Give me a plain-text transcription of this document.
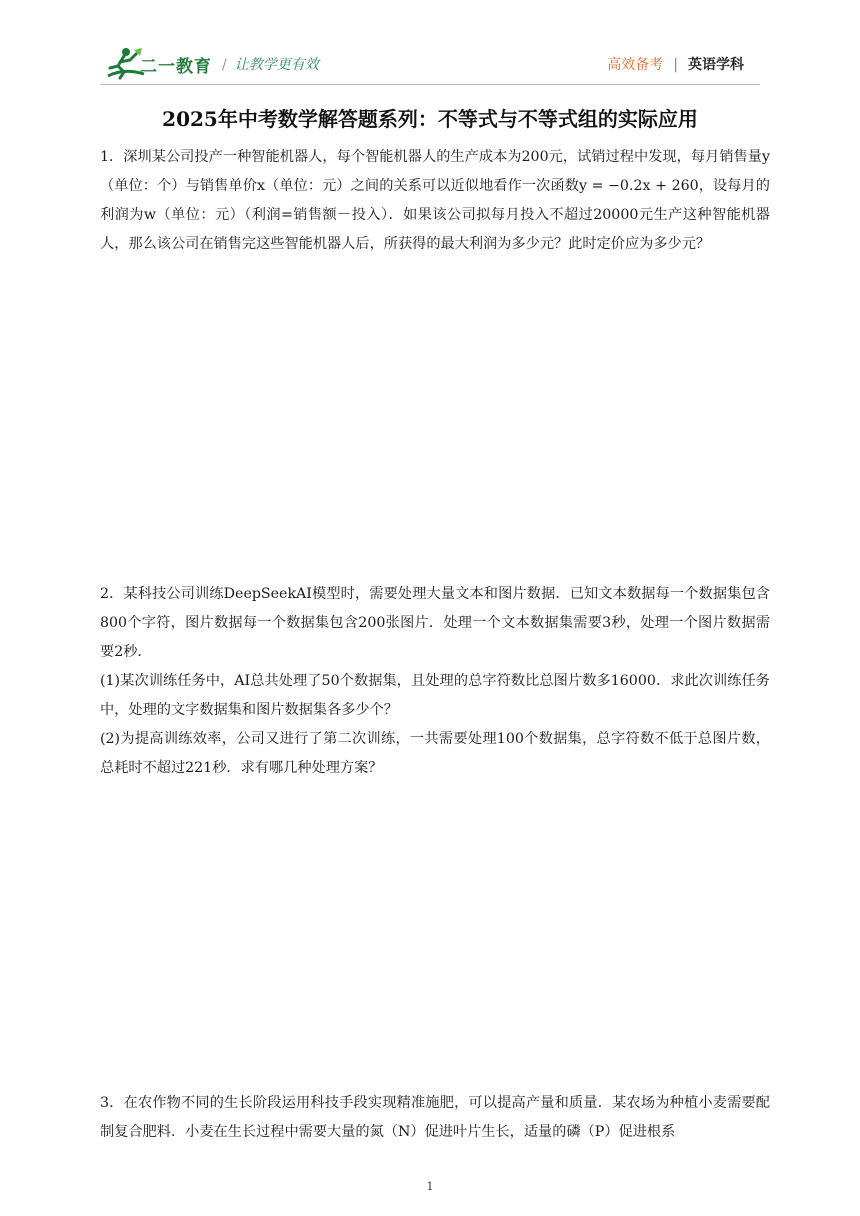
二一教育 / 让教学更有效	高效备考 | 英语学科
2025年中考数学解答题系列：不等式与不等式组的实际应用

1．深圳某公司投产一种智能机器人，每个智能机器人的生产成本为200元，试销过程中发现，每月销售量y（单位：个）与销售单价x（单位：元）之间的关系可以近似地看作一次函数y = −0.2x + 260，设每月的利润为w（单位：元）（利润=销售额－投入）．如果该公司拟每月投入不超过20000元生产这种智能机器人，那么该公司在销售完这些智能机器人后，所获得的最大利润为多少元？此时定价应为多少元？

2．某科技公司训练DeepSeekAI模型时，需要处理大量文本和图片数据．已知文本数据每一个数据集包含800个字符，图片数据每一个数据集包含200张图片．处理一个文本数据集需要3秒，处理一个图片数据需要2秒．

(1)某次训练任务中，AI总共处理了50个数据集，且处理的总字符数比总图片数多16000．求此次训练任务中，处理的文字数据集和图片数据集各多少个？

(2)为提高训练效率，公司又进行了第二次训练，一共需要处理100个数据集，总字符数不低于总图片数，总耗时不超过221秒．求有哪几种处理方案？

3．在农作物不同的生长阶段运用科技手段实现精准施肥，可以提高产量和质量．某农场为种植小麦需要配制复合肥料．小麦在生长过程中需要大量的氮（N）促进叶片生长，适量的磷（P）促进根系

1
